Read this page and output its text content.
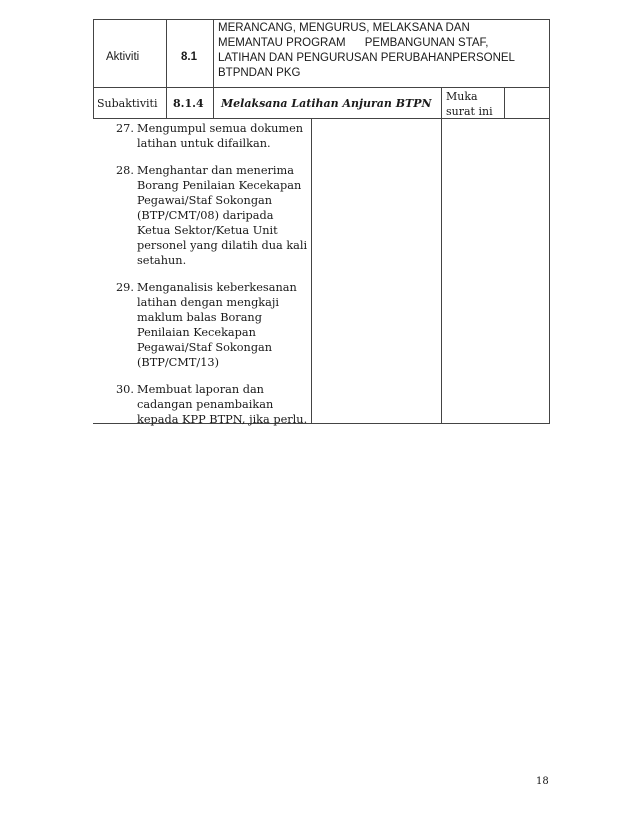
Aktiviti	8.1
MERANCANG, MENGURUS, MELAKSANA DAN
MEMANTAU PROGRAM      PEMBANGUNAN STAF,
LATIHAN DAN PENGURUSAN PERUBAHANPERSONEL
BTPNDAN PKG
Subaktiviti 8.1.4 Melaksana Latihan Anjuran BTPN
Muka
surat ini
27. Mengumpul semua dokumen
latihan untuk difailkan.
28. Menghantar dan menerima
Borang Penilaian Kecekapan
Pegawai/Staf Sokongan
(BTP/CMT/08) daripada
Ketua Sektor/Ketua Unit
personel yang dilatih dua kali
setahun.
29. Menganalisis keberkesanan
latihan dengan mengkaji
maklum balas Borang
Penilaian Kecekapan
Pegawai/Staf Sokongan
(BTP/CMT/13)
30. Membuat laporan dan
cadangan penambaikan
kepada KPP BTPN, jika perlu.
18
